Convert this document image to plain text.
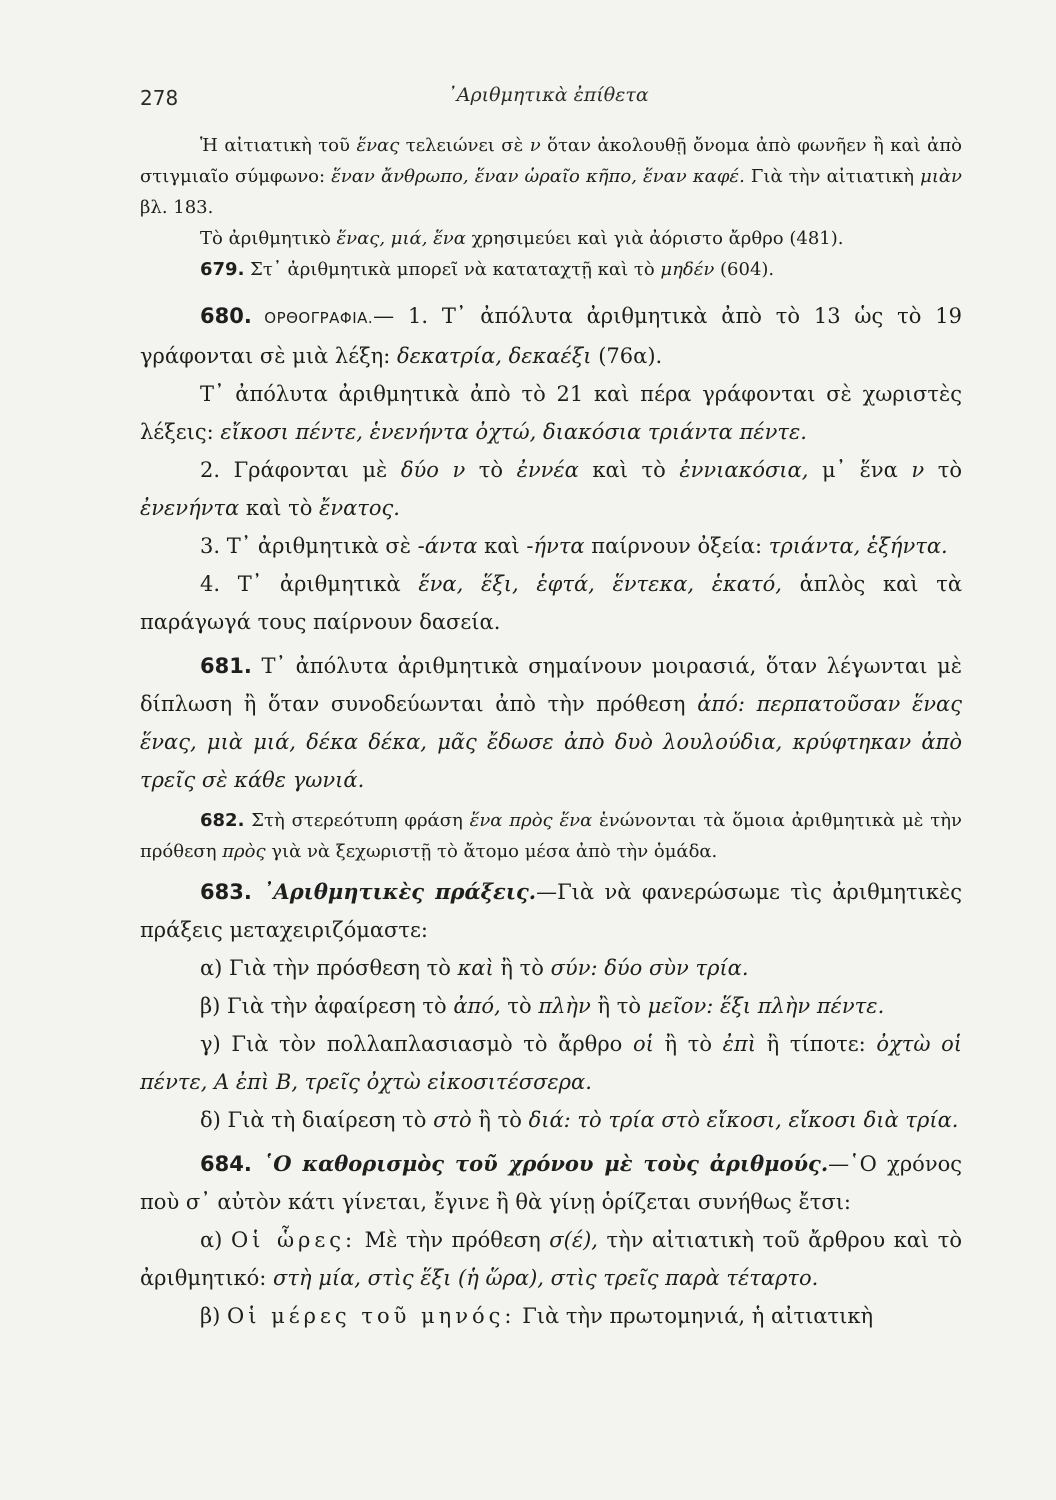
278	᾿Αριθμητικὰ ἐπίθετα

Ἡ αἰτιατικὴ τοῦ ἕνας τελειώνει σὲ ν ὅταν ἀκολουθῇ ὄνομα ἀπὸ φωνῆεν ἢ καὶ ἀπὸ στιγμιαῖο σύμφωνο: ἕναν ἄνθρωπο, ἕναν ὡραῖο κῆπο, ἕναν καφέ. Γιὰ τὴν αἰτιατικὴ μιὰν βλ. 183.

Τὸ ἀριθμητικὸ ἕνας, μιά, ἕνα χρησιμεύει καὶ γιὰ ἀόριστο ἄρθρο (481).

679. Στ᾿ ἀριθμητικὰ μπορεῖ νὰ καταταχτῇ καὶ τὸ μηδέν (604).

680. ΟΡΘΟΓΡΑΦΙΑ.— 1. Τ᾿ ἀπόλυτα ἀριθμητικὰ ἀπὸ τὸ 13 ὡς τὸ 19 γράφονται σὲ μιὰ λέξη: δεκατρία, δεκαέξι (76α).

Τ᾿ ἀπόλυτα ἀριθμητικὰ ἀπὸ τὸ 21 καὶ πέρα γράφονται σὲ χωριστὲς λέξεις: εἴκοσι πέντε, ἑνενήντα ὀχτώ, διακόσια τριάντα πέντε.

2. Γράφονται μὲ δύο ν τὸ ἐννέα καὶ τὸ ἐννιακόσια, μ᾿ ἕνα ν τὸ ἐνενήντα καὶ τὸ ἔνατος.

3. Τ᾿ ἀριθμητικὰ σὲ -άντα καὶ -ήντα παίρνουν ὀξεία: τριάντα, ἑξήντα.

4. Τ᾿ ἀριθμητικὰ ἕνα, ἕξι, ἑφτά, ἕντεκα, ἑκατό, ἁπλὸς καὶ τὰ παράγωγά τους παίρνουν δασεία.

681. Τ᾿ ἀπόλυτα ἀριθμητικὰ σημαίνουν μοιρασιά, ὅταν λέγωνται μὲ δίπλωση ἢ ὅταν συνοδεύωνται ἀπὸ τὴν πρόθεση ἀπό: περπατοῦσαν ἕνας ἕνας, μιὰ μιά, δέκα δέκα, μᾶς ἔδωσε ἀπὸ δυὸ λουλούδια, κρύφτηκαν ἀπὸ τρεῖς σὲ κάθε γωνιά.

682. Στὴ στερεότυπη φράση ἕνα πρὸς ἕνα ἑνώνονται τὰ ὅμοια ἀριθμητικὰ μὲ τὴν πρόθεση πρὸς γιὰ νὰ ξεχωριστῇ τὸ ἄτομο μέσα ἀπὸ τὴν ὁμάδα.

683. ᾿Αριθμητικὲς πράξεις.—Γιὰ νὰ φανερώσωμε τὶς ἀριθμητικὲς πράξεις μεταχειριζόμαστε:

α) Γιὰ τὴν πρόσθεση τὸ καὶ ἢ τὸ σύν: δύο σὺν τρία.

β) Γιὰ τὴν ἀφαίρεση τὸ ἀπό, τὸ πλὴν ἢ τὸ μεῖον: ἕξι πλὴν πέντε.

γ) Γιὰ τὸν πολλαπλασιασμὸ τὸ ἄρθρο οἱ ἢ τὸ ἐπὶ ἢ τίποτε: ὀχτὼ οἱ πέντε, Α ἐπὶ Β, τρεῖς ὀχτὼ εἰκοσιτέσσερα.

δ) Γιὰ τὴ διαίρεση τὸ στὸ ἢ τὸ διά: τὸ τρία στὸ εἴκοσι, εἴκοσι διὰ τρία.

684. ῾Ο καθορισμὸς τοῦ χρόνου μὲ τοὺς ἀριθμούς.—῾Ο χρόνος ποὺ σ᾿ αὐτὸν κάτι γίνεται, ἔγινε ἢ θὰ γίνῃ ὁρίζεται συνήθως ἔτσι:

α) Οἱ ὧρες: Μὲ τὴν πρόθεση σ(έ), τὴν αἰτιατικὴ τοῦ ἄρθρου καὶ τὸ ἀριθμητικό: στὴ μία, στὶς ἕξι (ἡ ὥρα), στὶς τρεῖς παρὰ τέταρτο.

β) Οἱ μέρες τοῦ μηνός: Γιὰ τὴν πρωτομηνιά, ἡ αἰτιατικὴ
